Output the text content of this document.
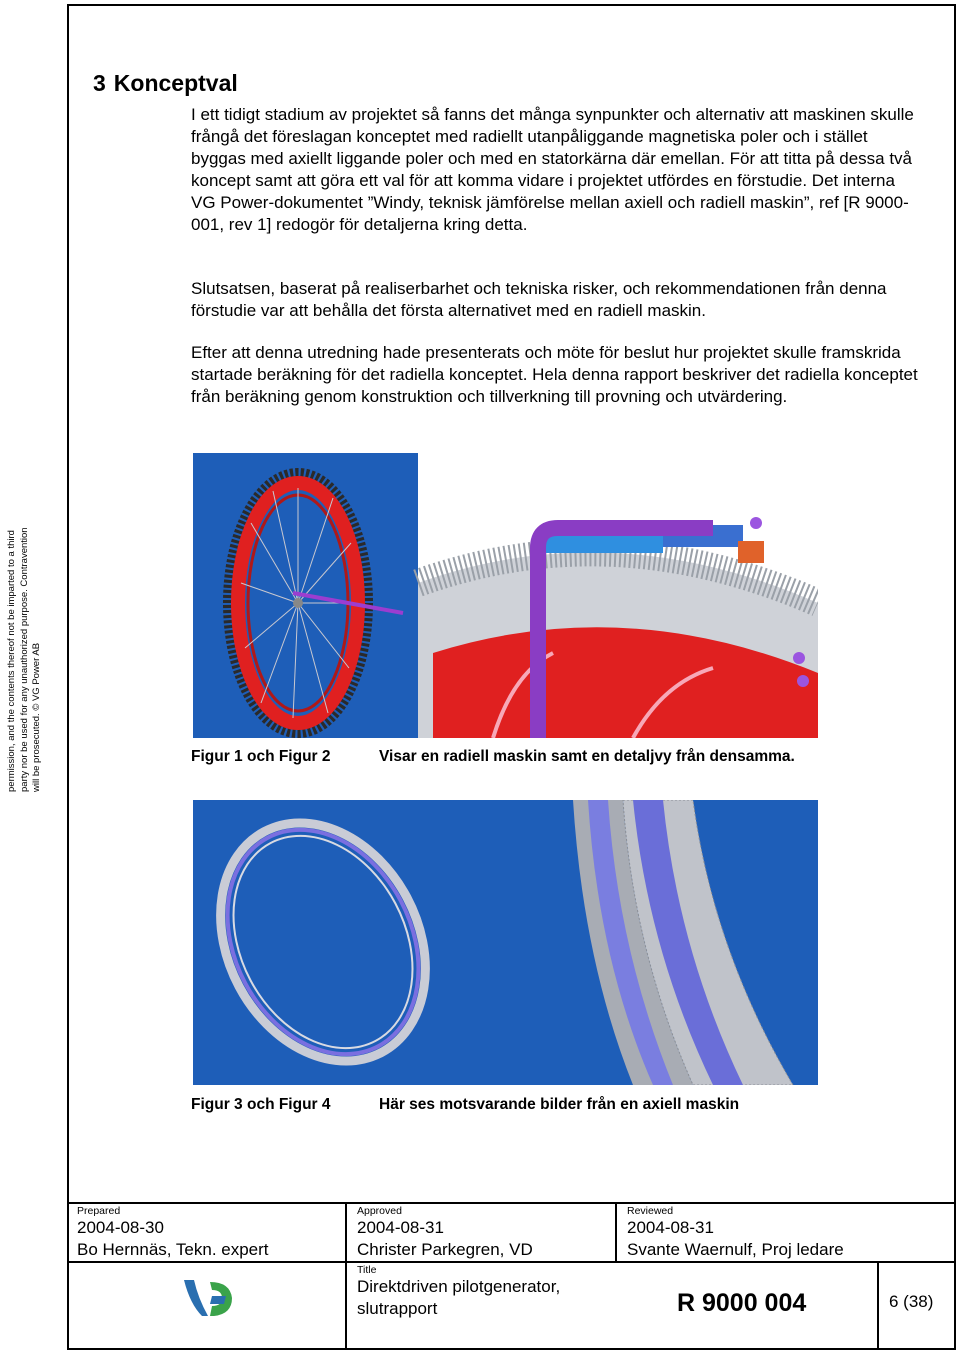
permission, and the contents thereof not be imparted to a third party nor be used for any unauthorized purpose. Contravention will be prosecuted. © VG Power AB
3 Konceptval

I ett tidigt stadium av projektet så fanns det många synpunkter och alternativ att maskinen skulle frångå det föreslagan konceptet med radiellt utanpåliggande magnetiska poler och i stället byggas med axiellt liggande poler och med en statorkärna där emellan. För att titta på dessa två koncept samt att göra ett val för att komma vidare i projektet utfördes en förstudie. Det interna VG Power-dokumentet ”Windy, teknisk jämförelse mellan axiell och radiell maskin”, ref [R 9000-001, rev 1] redogör för detaljerna kring detta.

Slutsatsen, baserat på realiserbarhet och tekniska risker, och rekommendationen från denna förstudie var att behålla det första alternativet med en radiell maskin.

Efter att denna utredning hade presenterats och möte för beslut hur projektet skulle framskrida startade beräkning för det radiella konceptet. Hela denna rapport beskriver det radiella konceptet från beräkning genom konstruktion och tillverkning till provning och utvärdering.

Figur 1 och Figur 2	Visar en radiell maskin samt en detaljvy från densamma.

Figur 3 och Figur 4	Här ses motsvarande bilder från en axiell maskin

Prepared
2004-08-30
Bo Hernnäs, Tekn. expert
Approved
2004-08-31
Christer Parkegren, VD
Reviewed
2004-08-31
Svante Waernulf, Proj ledare
Title
Direktdriven pilotgenerator,
slutrapport	R 9000 004	6 (38)
